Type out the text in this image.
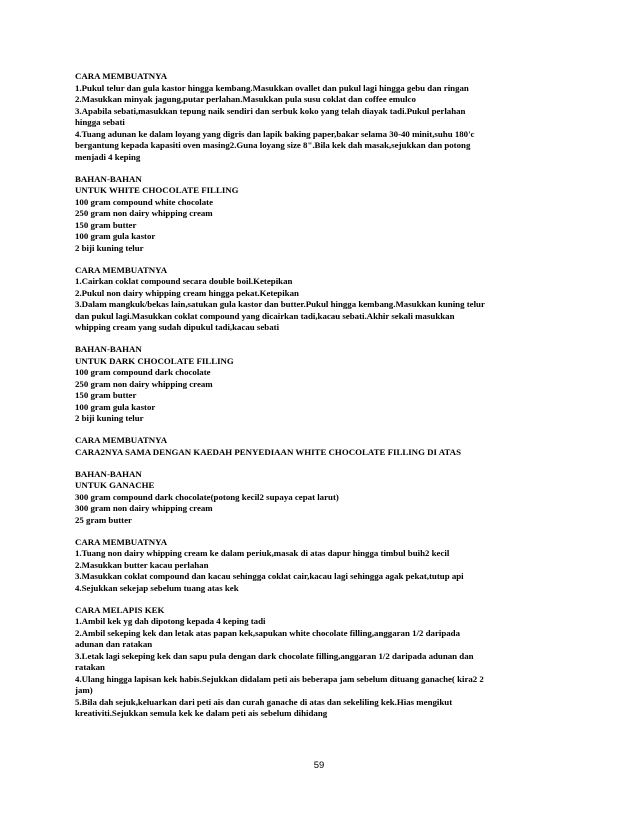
CARA MEMBUATNYA
1.Pukul telur dan gula kastor hingga kembang.Masukkan ovallet dan pukul lagi hingga gebu dan ringan
2.Masukkan minyak jagung,putar perlahan.Masukkan pula susu coklat dan coffee emulco
3.Apabila sebati,masukkan tepung naik sendiri dan serbuk koko yang telah diayak tadi.Pukul perlahan
hingga sebati
4.Tuang adunan ke dalam loyang yang digris dan lapik baking paper,bakar selama 30-40 minit,suhu 180'c
bergantung kepada kapasiti oven masing2.Guna loyang size 8".Bila kek dah masak,sejukkan dan potong
menjadi 4 keping
BAHAN-BAHAN
UNTUK WHITE CHOCOLATE FILLING
100 gram compound white chocolate
250 gram non dairy whipping cream
150 gram butter
100 gram gula kastor
2 biji kuning telur
CARA MEMBUATNYA
1.Cairkan coklat compound secara double boil.Ketepikan
2.Pukul non dairy whipping cream hingga pekat.Ketepikan
3.Dalam mangkuk/bekas lain,satukan gula kastor dan butter.Pukul hingga kembang.Masukkan kuning telur
dan pukul lagi.Masukkan coklat compound yang dicairkan tadi,kacau sebati.Akhir sekali masukkan
whipping cream yang sudah dipukul tadi,kacau sebati
BAHAN-BAHAN
UNTUK DARK CHOCOLATE FILLING
100 gram compound dark chocolate
250 gram non dairy whipping cream
150 gram butter
100 gram gula kastor
2 biji kuning telur
CARA MEMBUATNYA
CARA2NYA SAMA DENGAN KAEDAH PENYEDIAAN WHITE CHOCOLATE FILLING DI ATAS
BAHAN-BAHAN
UNTUK GANACHE
300 gram compound dark chocolate(potong kecil2 supaya cepat larut)
300 gram non dairy whipping cream
25 gram butter
CARA MEMBUATNYA
1.Tuang non dairy whipping cream ke dalam periuk,masak di atas dapur hingga timbul buih2 kecil
2.Masukkan butter kacau perlahan
3.Masukkan coklat compound dan kacau sehingga coklat cair,kacau lagi sehingga agak pekat,tutup api
4.Sejukkan sekejap sebelum tuang atas kek
CARA MELAPIS KEK
1.Ambil kek yg dah dipotong kepada 4 keping tadi
2.Ambil sekeping kek dan letak atas papan kek,sapukan white chocolate filling,anggaran 1/2 daripada
adunan dan ratakan
3.Letak lagi sekeping kek dan sapu pula dengan dark chocolate filling,anggaran 1/2 daripada adunan dan
ratakan
4.Ulang hingga lapisan kek habis.Sejukkan didalam peti ais beberapa jam sebelum dituang ganache( kira2 2
jam)
5.Bila dah sejuk,keluarkan dari peti ais dan curah ganache di atas dan sekeliling kek.Hias mengikut
kreativiti.Sejukkan semula kek ke dalam peti ais sebelum dihidang
59
